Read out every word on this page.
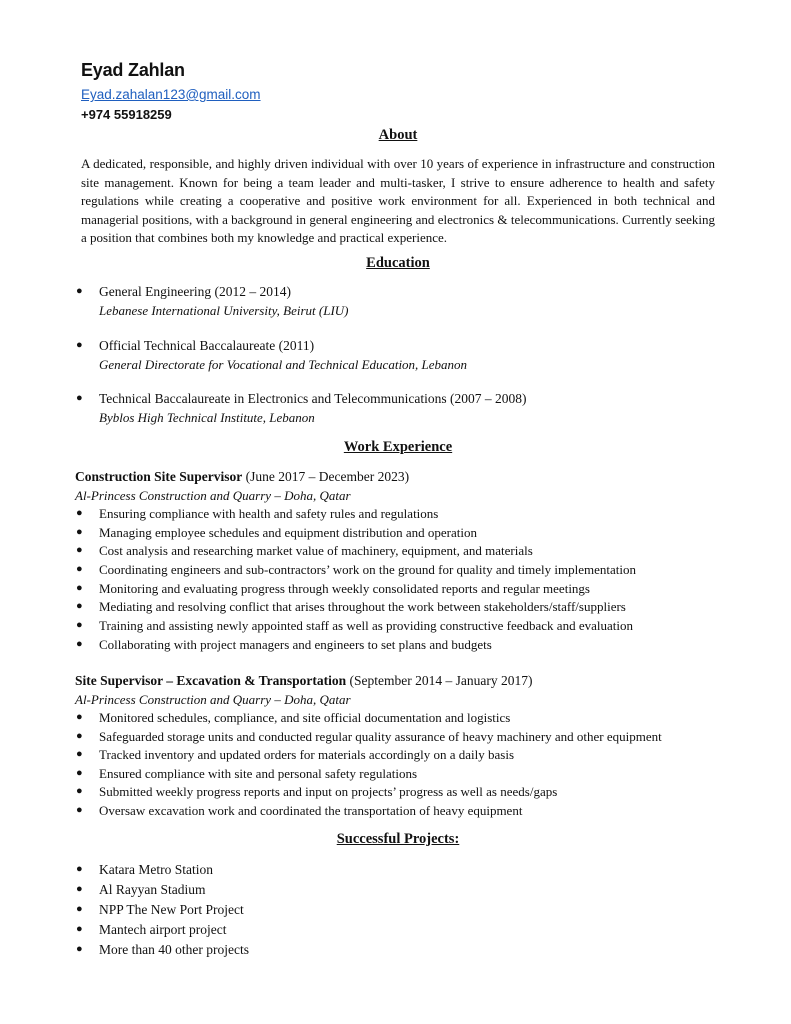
Eyad Zahlan
Eyad.zahalan123@gmail.com
+974 55918259
About
A dedicated, responsible, and highly driven individual with over 10 years of experience in infrastructure and construction site management. Known for being a team leader and multi-tasker, I strive to ensure adherence to health and safety regulations while creating a cooperative and positive work environment for all. Experienced in both technical and managerial positions, with a background in general engineering and electronics & telecommunications. Currently seeking a position that combines both my knowledge and practical experience.
Education
● General Engineering (2012 – 2014)
Lebanese International University, Beirut (LIU)
● Official Technical Baccalaureate (2011)
General Directorate for Vocational and Technical Education, Lebanon
● Technical Baccalaureate in Electronics and Telecommunications (2007 – 2008)
Byblos High Technical Institute, Lebanon
Work Experience
Construction Site Supervisor (June 2017 – December 2023)
Al-Princess Construction and Quarry – Doha, Qatar
● Ensuring compliance with health and safety rules and regulations
● Managing employee schedules and equipment distribution and operation
● Cost analysis and researching market value of machinery, equipment, and materials
● Coordinating engineers and sub-contractors’ work on the ground for quality and timely implementation
● Monitoring and evaluating progress through weekly consolidated reports and regular meetings
● Mediating and resolving conflict that arises throughout the work between stakeholders/staff/suppliers
● Training and assisting newly appointed staff as well as providing constructive feedback and evaluation
● Collaborating with project managers and engineers to set plans and budgets
Site Supervisor – Excavation & Transportation (September 2014 – January 2017)
Al-Princess Construction and Quarry – Doha, Qatar
● Monitored schedules, compliance, and site official documentation and logistics
● Safeguarded storage units and conducted regular quality assurance of heavy machinery and other equipment
● Tracked inventory and updated orders for materials accordingly on a daily basis
● Ensured compliance with site and personal safety regulations
● Submitted weekly progress reports and input on projects’ progress as well as needs/gaps
● Oversaw excavation work and coordinated the transportation of heavy equipment
Successful Projects:
● Katara Metro Station
● Al Rayyan Stadium
● NPP The New Port Project
● Mantech airport project
● More than 40 other projects
